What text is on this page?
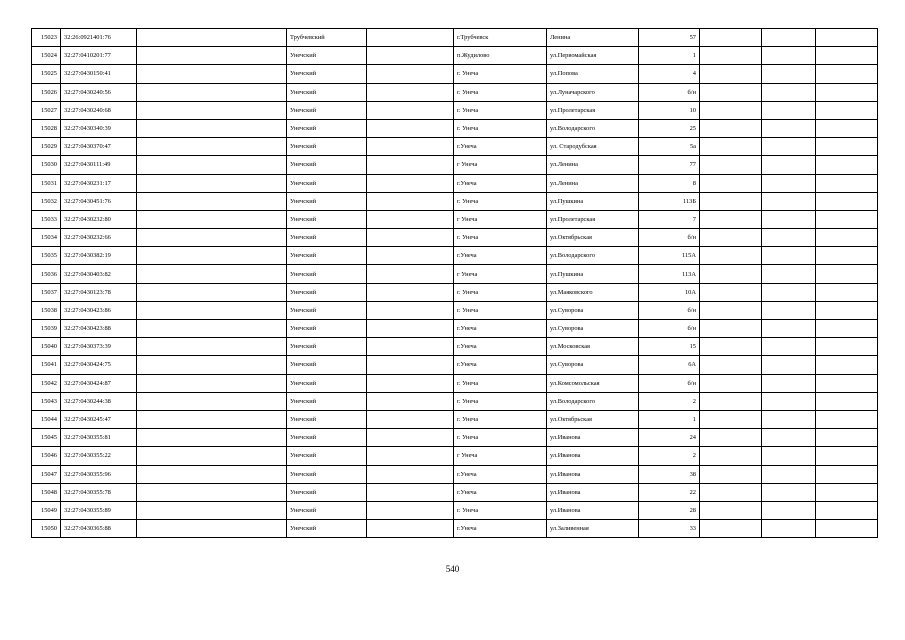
15023	32:26:0921401:76		Трубчевский		г.Трубчевск	Ленина	57			
15024	32:27:0410201:77		Унечский		п.Жудилово	ул.Первомайская	1			
15025	32:27:0430150:41		Унечский		г. Унеча	ул.Попова	4			
15026	32:27:0430240:56		Унечский		г. Унеча	ул.Луначарского	б/н			
15027	32:27:0430240:68		Унечский		г. Унеча	ул.Пролетарская	10			
15028	32:27:0430340:39		Унечский		г. Унеча	ул.Володарского	25			
15029	32:27:0430370:47		Унечский		г.Унеча	ул. Стародубская	5а			
15030	32:27:0430111:49		Унечский		г Унеча	ул.Ленина	77			
15031	32:27:0430231:17		Унечский		г.Унеча	ул.Ленина	8			
15032	32:27:0430451:76		Унечский		г. Унеча	ул.Пушкина	113Б			
15033	32:27:0430232:80		Унечский		г Унеча	ул.Пролетарская	7			
15034	32:27:0430232:66		Унечский		г. Унеча	ул.Октябрьская	б/н			
15035	32:27:0430382:19		Унечский		г.Унеча	ул.Володарского	115А			
15036	32:27:0430403:82		Унечский		г Унеча	ул.Пушкина	113А			
15037	32:27:0430123:78		Унечский		г. Унеча	ул.Маяковского	10А			
15038	32:27:0430423:86		Унечский		г. Унеча	ул.Суворова	б/н			
15039	32:27:0430423:88		Унечский		г.Унеча	ул.Суворова	б/н			
15040	32:27:0430373:39		Унечский		г.Унеча	ул.Московская	15			
15041	32:27:0430424:75		Унечский		г.Унеча	ул.Суворова	6А			
15042	32:27:0430424:87		Унечский		г. Унеча	ул.Комсомольская	б/н			
15043	32:27:0430244:38		Унечский		г. Унеча	ул.Володарского	2			
15044	32:27:0430245:47		Унечский		г. Унеча	ул.Октябрьская	1			
15045	32:27:0430355:81		Унечский		г. Унеча	ул.Иванова	24			
15046	32:27:0430355:22		Унечский		г Унеча	ул.Иванова	2			
15047	32:27:0430355:96		Унечский		г.Унеча	ул.Иванова	38			
15048	32:27:0430355:78		Унечский		г.Унеча	ул.Иванова	22			
15049	32:27:0430355:89		Унечский		г. Унеча	ул.Иванова	28			
15050	32:27:0430365:88		Унечский		г.Унеча	ул.Заливенная	33			
540
